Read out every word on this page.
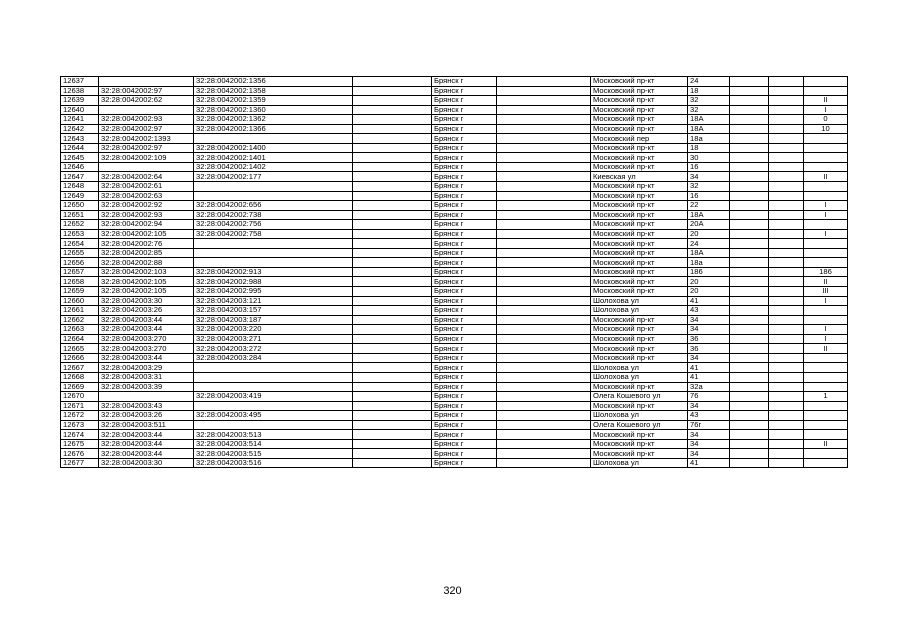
12637		32:28:0042002:1356		Брянск г		Московский пр-кт	24			
12638	32:28:0042002:97	32:28:0042002:1358		Брянск г		Московский пр-кт	18			
12639	32:28:0042002:62	32:28:0042002:1359		Брянск г		Московский пр-кт	32			II
12640		32:28:0042002:1360		Брянск г		Московский пр-кт	32			I
12641	32:28:0042002:93	32:28:0042002:1362		Брянск г		Московский пр-кт	18А			0
12642	32:28:0042002:97	32:28:0042002:1366		Брянск г		Московский пр-кт	18А			10
12643	32:28:0042002:1393			Брянск г		Московский пер	18а			
12644	32:28:0042002:97	32:28:0042002:1400		Брянск г		Московский пр-кт	18			
12645	32:28:0042002:109	32:28:0042002:1401		Брянск г		Московский пр-кт	30			
12646		32:28:0042002:1402		Брянск г		Московский пр-кт	16			
12647	32:28:0042002:64	32:28:0042002:177		Брянск г		Киевская ул	34			II
12648	32:28:0042002:61			Брянск г		Московский пр-кт	32			
12649	32:28:0042002:63			Брянск г		Московский пр-кт	16			
12650	32:28:0042002:92	32:28:0042002:656		Брянск г		Московский пр-кт	22			I
12651	32:28:0042002:93	32:28:0042002:738		Брянск г		Московский пр-кт	18А			I
12652	32:28:0042002:94	32:28:0042002:756		Брянск г		Московский пр-кт	20А			
12653	32:28:0042002:105	32:28:0042002:758		Брянск г		Московский пр-кт	20			I
12654	32:28:0042002:76			Брянск г		Московский пр-кт	24			
12655	32:28:0042002:85			Брянск г		Московский пр-кт	18А			
12656	32:28:0042002:88			Брянск г		Московский пр-кт	18а			
12657	32:28:0042002:103	32:28:0042002:913		Брянск г		Московский пр-кт	186			186
12658	32:28:0042002:105	32:28:0042002:988		Брянск г		Московский пр-кт	20			II
12659	32:28:0042002:105	32:28:0042002:995		Брянск г		Московский пр-кт	20			III
12660	32:28:0042003:30	32:28:0042003:121		Брянск г		Шолохова ул	41			I
12661	32:28:0042003:26	32:28:0042003:157		Брянск г		Шолохова ул	43			
12662	32:28:0042003:44	32:28:0042003:187		Брянск г		Московский пр-кт	34			
12663	32:28:0042003:44	32:28:0042003:220		Брянск г		Московский пр-кт	34			I
12664	32:28:0042003:270	32:28:0042003:271		Брянск г		Московский пр-кт	36			I
12665	32:28:0042003:270	32:28:0042003:272		Брянск г		Московский пр-кт	36			II
12666	32:28:0042003:44	32:28:0042003:284		Брянск г		Московский пр-кт	34			
12667	32:28:0042003:29			Брянск г		Шолохова ул	41			
12668	32:28:0042003:31			Брянск г		Шолохова ул	41			
12669	32:28:0042003:39			Брянск г		Московский пр-кт	32а			
12670		32:28:0042003:419		Брянск г		Олега Кошевого ул	76			1
12671	32:28:0042003:43			Брянск г		Московский пр-кт	34			
12672	32:28:0042003:26	32:28:0042003:495		Брянск г		Шолохова ул	43			
12673	32:28:0042003:511			Брянск г		Олега Кошевого ул	76г			
12674	32:28:0042003:44	32:28:0042003:513		Брянск г		Московский пр-кт	34			
12675	32:28:0042003:44	32:28:0042003:514		Брянск г		Московский пр-кт	34			II
12676	32:28:0042003:44	32:28:0042003:515		Брянск г		Московский пр-кт	34			
12677	32:28:0042003:30	32:28:0042003:516		Брянск г		Шолохова ул	41			
320
